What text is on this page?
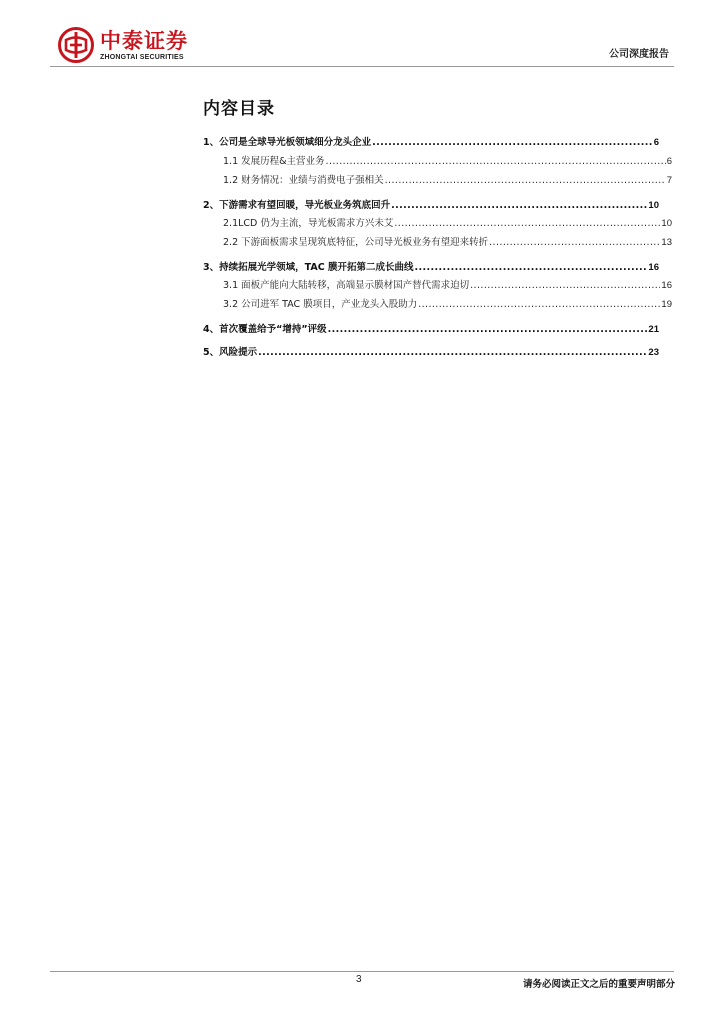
中泰证券
ZHONGTAI SECURITIES	公司深度报告
内容目录
1、公司是全球导光板领域细分龙头企业 .....	6
1.1 发展历程&主营业务 .....	6
1.2 财务情况：业绩与消费电子强相关 .....	7
2、下游需求有望回暖，导光板业务筑底回升 .....	10
2.1LCD 仍为主流，导光板需求方兴未艾 .....	10
2.2 下游面板需求呈现筑底特征，公司导光板业务有望迎来转折 .....	13
3、持续拓展光学领域，TAC 膜开拓第二成长曲线 .....	16
3.1 面板产能向大陆转移，高端显示膜材国产替代需求迫切 .....	16
3.2 公司进军 TAC 膜项目，产业龙头入股助力 .....	19
4、首次覆盖给予“增持”评级 .....	21
5、风险提示 .....	23
3	请务必阅读正文之后的重要声明部分
